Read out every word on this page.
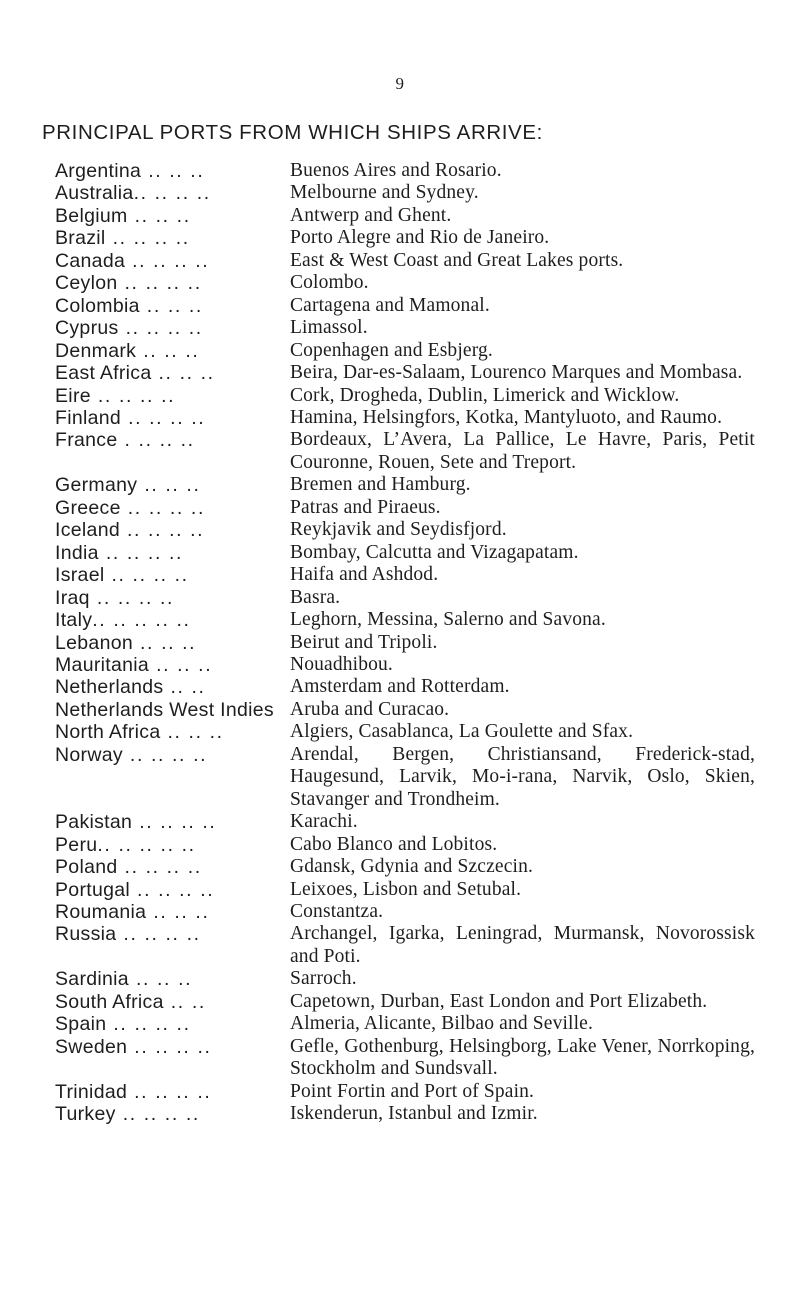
9
PRINCIPAL PORTS FROM WHICH SHIPS ARRIVE:
Argentina .. .. ..	Buenos Aires and Rosario.
Australia.. .. .. ..	Melbourne and Sydney.
Belgium .. .. ..	Antwerp and Ghent.
Brazil .. .. .. ..	Porto Alegre and Rio de Janeiro.
Canada .. .. .. ..	East & West Coast and Great Lakes ports.
Ceylon .. .. .. ..	Colombo.
Colombia .. .. ..	Cartagena and Mamonal.
Cyprus .. .. .. ..	Limassol.
Denmark .. .. ..	Copenhagen and Esbjerg.
East Africa .. .. ..	Beira, Dar-es-Salaam, Lourenco Marques and Mombasa.
Eire .. .. .. ..	Cork, Drogheda, Dublin, Limerick and Wicklow.
Finland .. .. .. ..	Hamina, Helsingfors, Kotka, Mantyluoto, and Raumo.
France . .. .. ..	Bordeaux, L’Avera, La Pallice, Le Havre, Paris, Petit Couronne, Rouen, Sete and Treport.
Germany .. .. ..	Bremen and Hamburg.
Greece .. .. .. ..	Patras and Piraeus.
Iceland .. .. .. ..	Reykjavik and Seydisfjord.
India .. .. .. ..	Bombay, Calcutta and Vizagapatam.
Israel .. .. .. ..	Haifa and Ashdod.
Iraq .. .. .. ..	Basra.
Italy.. .. .. .. ..	Leghorn, Messina, Salerno and Savona.
Lebanon .. .. ..	Beirut and Tripoli.
Mauritania .. .. ..	Nouadhibou.
Netherlands .. ..	Amsterdam and Rotterdam.
Netherlands West Indies Aruba and Curacao.
North Africa .. .. ..	Algiers, Casablanca, La Goulette and Sfax.
Norway .. .. .. ..	Arendal, Bergen, Christiansand, Frederick-stad, Haugesund, Larvik, Mo-i-rana, Narvik, Oslo, Skien, Stavanger and Trondheim.
Pakistan .. .. .. ..	Karachi.
Peru.. .. .. .. ..	Cabo Blanco and Lobitos.
Poland .. .. .. ..	Gdansk, Gdynia and Szczecin.
Portugal .. .. .. ..	Leixoes, Lisbon and Setubal.
Roumania .. .. ..	Constantza.
Russia .. .. .. ..	Archangel, Igarka, Leningrad, Murmansk, Novorossisk and Poti.
Sardinia .. .. ..	Sarroch.
South Africa .. ..	Capetown, Durban, East London and Port Elizabeth.
Spain .. .. .. ..	Almeria, Alicante, Bilbao and Seville.
Sweden .. .. .. ..	Gefle, Gothenburg, Helsingborg, Lake Vener, Norrkoping, Stockholm and Sundsvall.
Trinidad .. .. .. ..	Point Fortin and Port of Spain.
Turkey .. .. .. ..	Iskenderun, Istanbul and Izmir.
